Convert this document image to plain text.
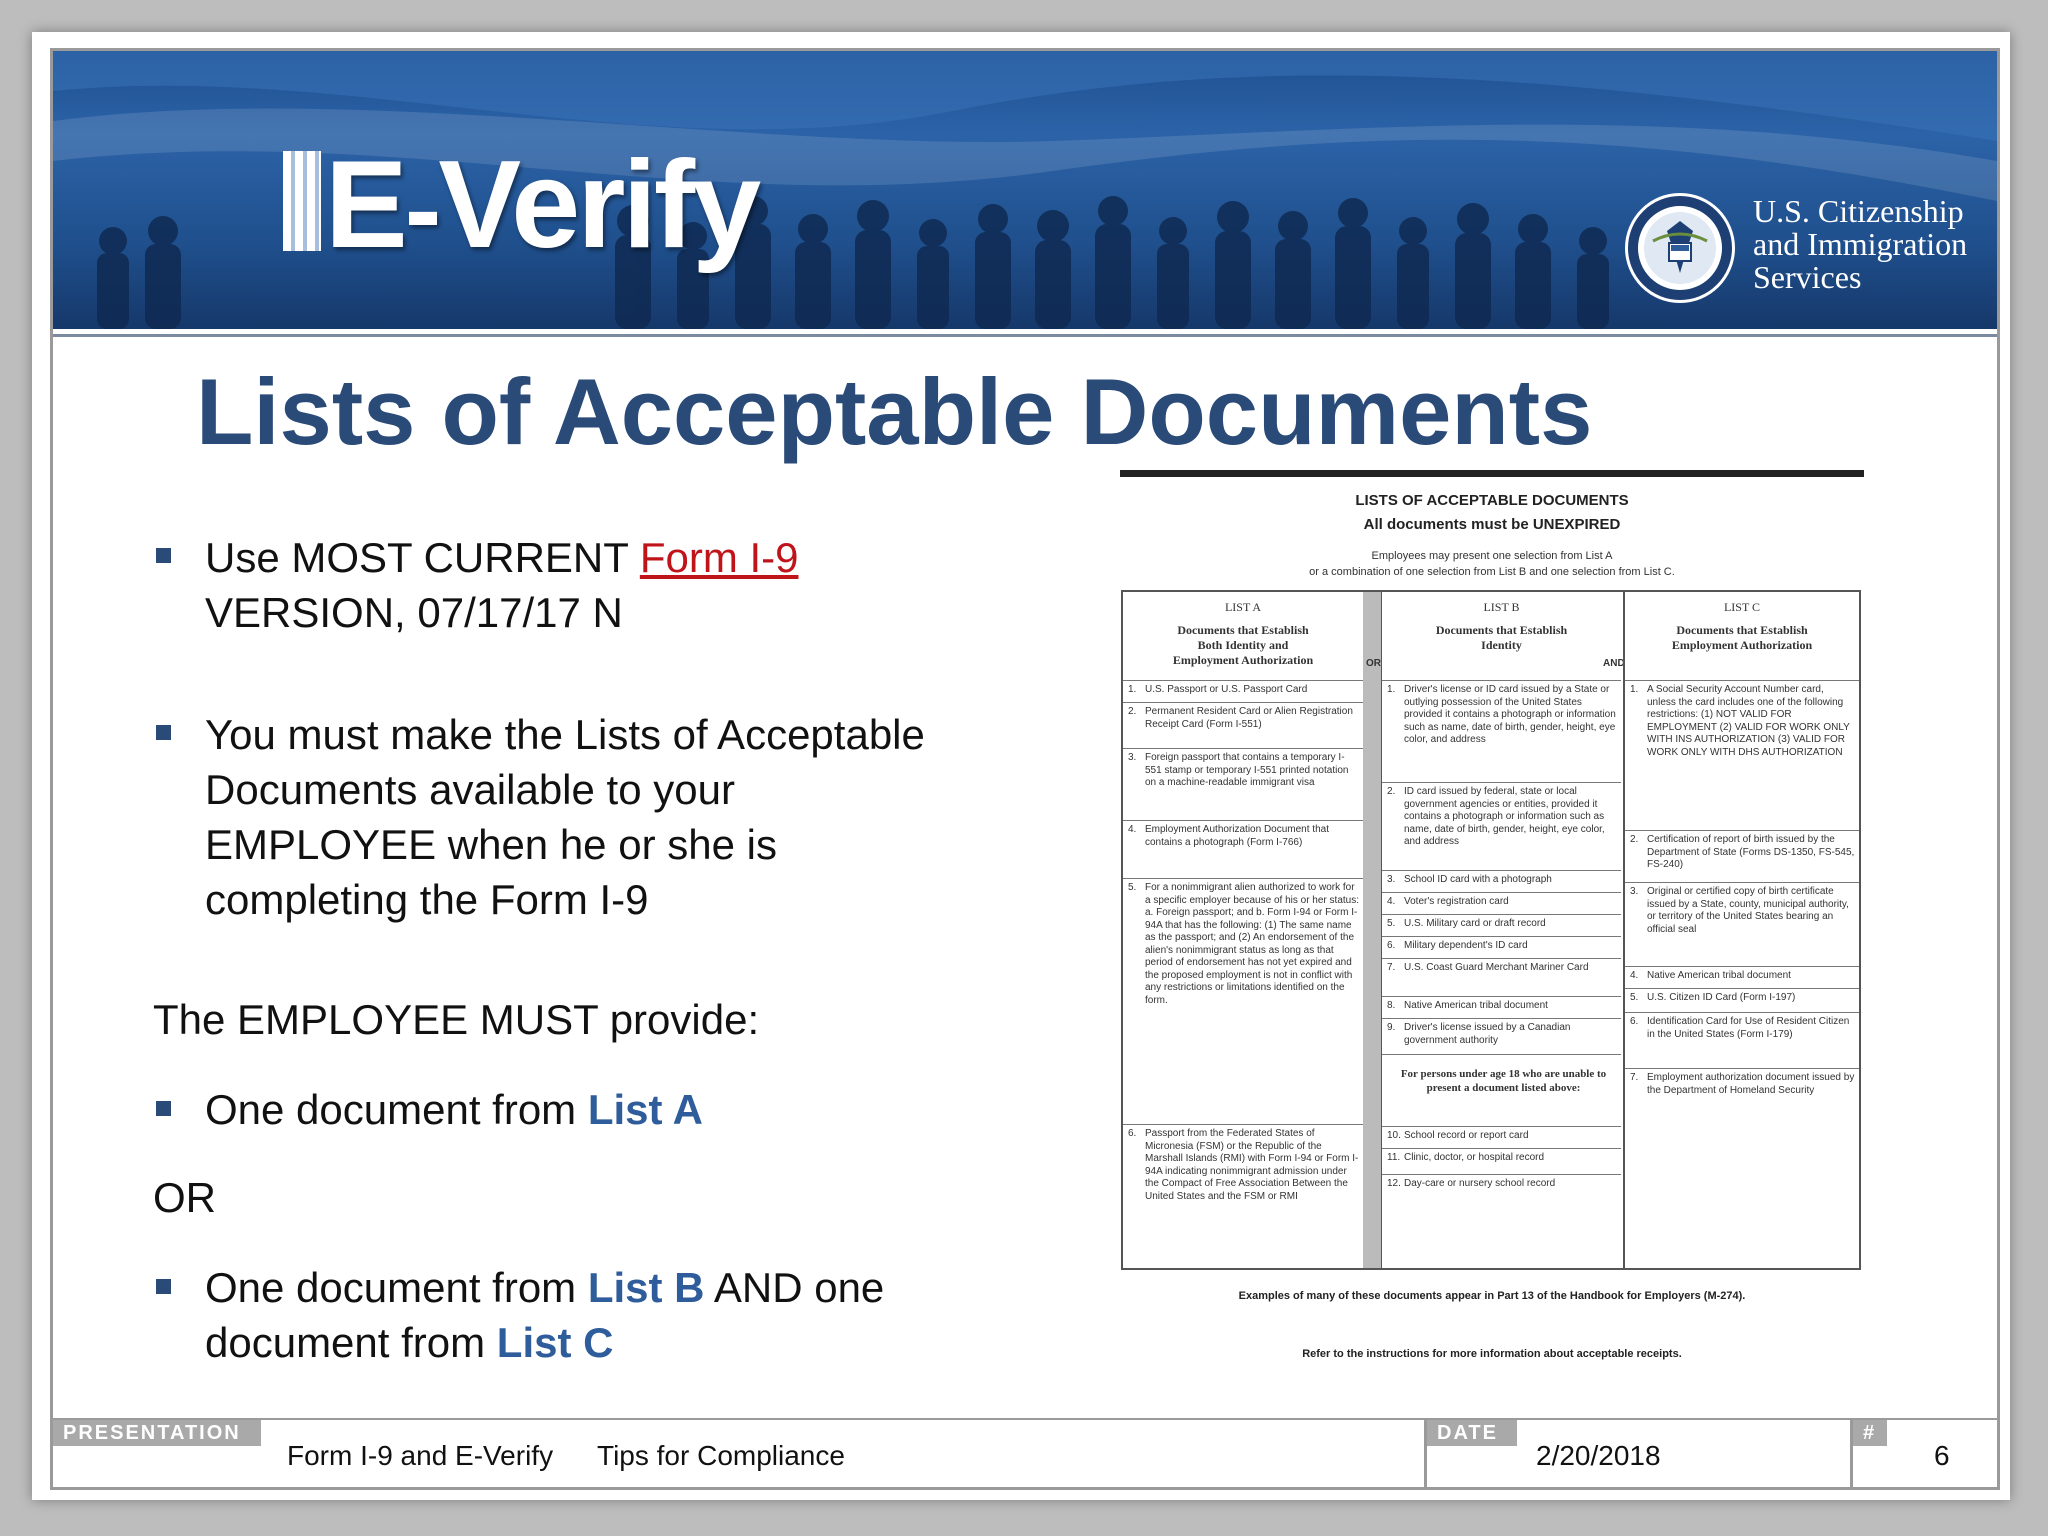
E-Verify	U.S. Citizenship
and Immigration
Services
Lists of Acceptable Documents
Use MOST CURRENT Form I-9
VERSION, 07/17/17 N
You must make the Lists of Acceptable
Documents available to your
EMPLOYEE when he or she is
completing the Form I-9
The EMPLOYEE MUST provide:
One document from List A
OR
One document from List B AND one
document from List C
LISTS OF ACCEPTABLE DOCUMENTS
All documents must be UNEXPIRED
Employees may present one selection from List A
or a combination of one selection from List B and one selection from List C.
LIST A
Documents that Establish
Both Identity and
Employment Authorization
1. U.S. Passport or U.S. Passport Card
2. Permanent Resident Card or Alien Registration Receipt Card (Form I-551)
3. Foreign passport that contains a temporary I-551 stamp or temporary I-551 printed notation on a machine-readable immigrant visa
4. Employment Authorization Document that contains a photograph (Form I-766)
5. For a nonimmigrant alien authorized to work for a specific employer because of his or her status: a. Foreign passport; and b. Form I-94 or Form I-94A that has the following: (1) The same name as the passport; and (2) An endorsement of the alien's nonimmigrant status as long as that period of endorsement has not yet expired and the proposed employment is not in conflict with any restrictions or limitations identified on the form.
6. Passport from the Federated States of Micronesia (FSM) or the Republic of the Marshall Islands (RMI) with Form I-94 or Form I-94A indicating nonimmigrant admission under the Compact of Free Association Between the United States and the FSM or RMI
OR
LIST B
Documents that Establish
Identity
1. Driver's license or ID card issued by a State or outlying possession of the United States provided it contains a photograph or information such as name, date of birth, gender, height, eye color, and address
2. ID card issued by federal, state or local government agencies or entities, provided it contains a photograph or information such as name, date of birth, gender, height, eye color, and address
3. School ID card with a photograph
4. Voter's registration card
5. U.S. Military card or draft record
6. Military dependent's ID card
7. U.S. Coast Guard Merchant Mariner Card
8. Native American tribal document
9. Driver's license issued by a Canadian government authority
For persons under age 18 who are unable to present a document listed above:
10. School record or report card
11. Clinic, doctor, or hospital record
12. Day-care or nursery school record
AND
LIST C
Documents that Establish
Employment Authorization
1. A Social Security Account Number card, unless the card includes one of the following restrictions: (1) NOT VALID FOR EMPLOYMENT (2) VALID FOR WORK ONLY WITH INS AUTHORIZATION (3) VALID FOR WORK ONLY WITH DHS AUTHORIZATION
2. Certification of report of birth issued by the Department of State (Forms DS-1350, FS-545, FS-240)
3. Original or certified copy of birth certificate issued by a State, county, municipal authority, or territory of the United States bearing an official seal
4. Native American tribal document
5. U.S. Citizen ID Card (Form I-197)
6. Identification Card for Use of Resident Citizen in the United States (Form I-179)
7. Employment authorization document issued by the Department of Homeland Security
Examples of many of these documents appear in Part 13 of the Handbook for Employers (M-274).
Refer to the instructions for more information about acceptable receipts.
PRESENTATION
Form I-9 and E-Verify Tips for Compliance
DATE
2/20/2018
#
6
